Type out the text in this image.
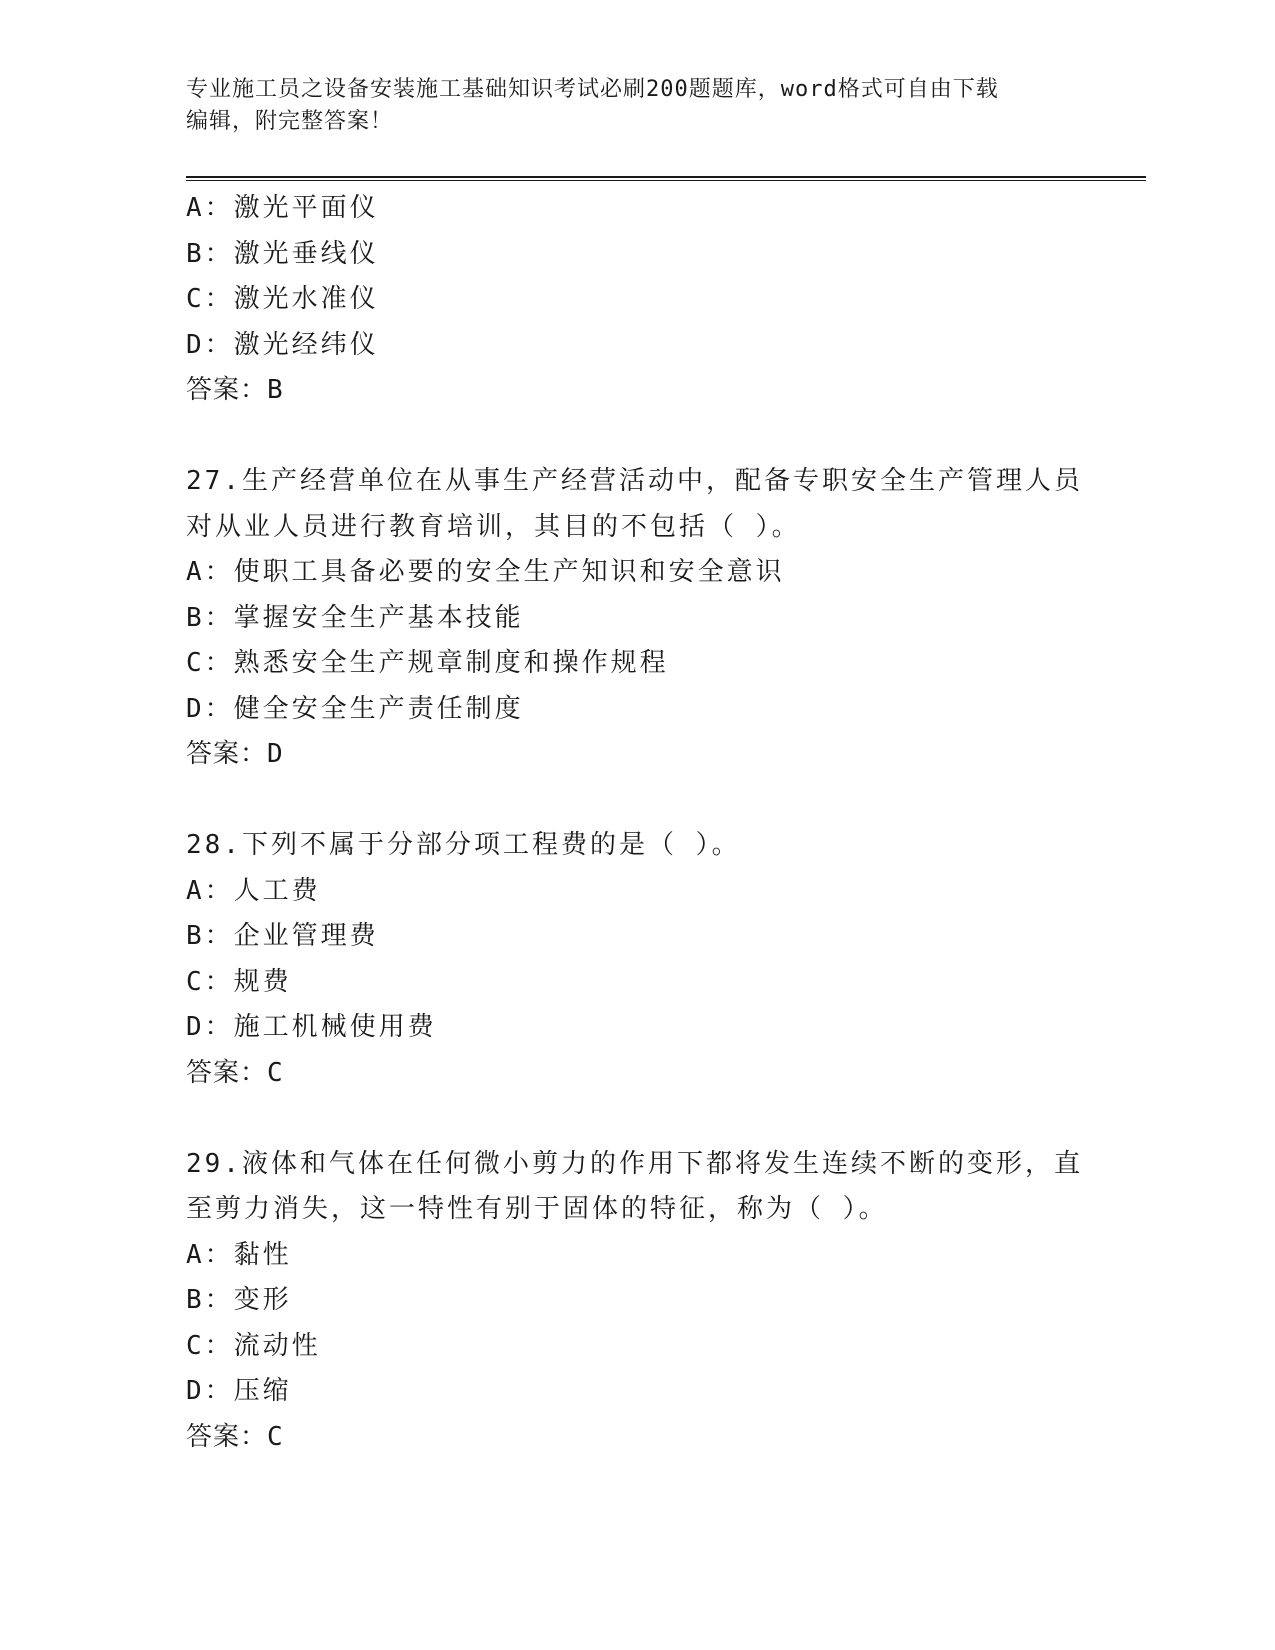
专业施工员之设备安装施工基础知识考试必刷200题题库，word格式可自由下载
编辑，附完整答案！
A：激光平面仪
B：激光垂线仪
C：激光水准仪
D：激光经纬仪
答案：B
27.生产经营单位在从事生产经营活动中，配备专职安全生产管理人员
对从业人员进行教育培训，其目的不包括（ ）。
A：使职工具备必要的安全生产知识和安全意识
B：掌握安全生产基本技能
C：熟悉安全生产规章制度和操作规程
D：健全安全生产责任制度
答案：D
28.下列不属于分部分项工程费的是（ ）。
A：人工费
B：企业管理费
C：规费
D：施工机械使用费
答案：C
29.液体和气体在任何微小剪力的作用下都将发生连续不断的变形，直
至剪力消失，这一特性有别于固体的特征，称为（ ）。
A：黏性
B：变形
C：流动性
D：压缩
答案：C
